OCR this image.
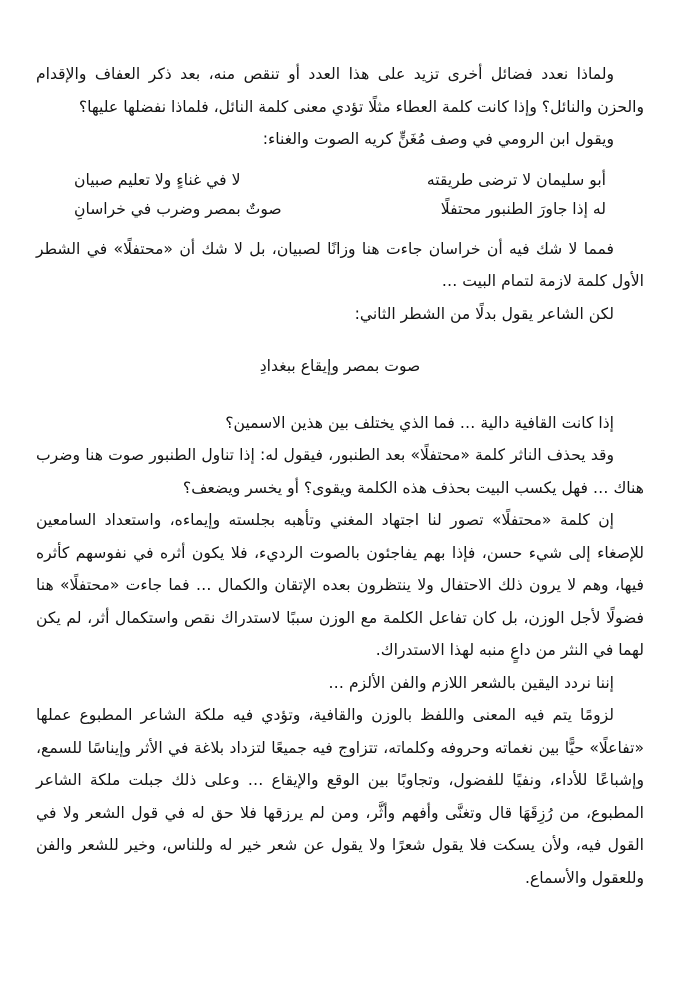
ولماذا نعدد فضائل أخرى تزيد على هذا العدد أو تنقص منه، بعد ذكر العفاف والإقدام والحزن والنائل؟ وإذا كانت كلمة العطاء مثلًا تؤدي معنى كلمة النائل، فلماذا نفضلها عليها؟

ويقول ابن الرومي في وصف مُغَنٍّ كريه الصوت والغناء:

أبو سليمان لا ترضى طريقته
لا في غناءٍ ولا تعليم صبيان
له إذا جاورَ الطنبور محتفلًا
صوتٌ بمصر وضرب في خراسانِ

فمما لا شك فيه أن خراسان جاءت هنا وزانًا لصبيان، بل لا شك أن «محتفلًا» في الشطر الأول كلمة لازمة لتمام البيت …

لكن الشاعر يقول بدلًا من الشطر الثاني:

صوت بمصر وإيقاع ببغدادِ

إذا كانت القافية دالية … فما الذي يختلف بين هذين الاسمين؟

وقد يحذف الناثر كلمة «محتفلًا» بعد الطنبور، فيقول له: إذا تناول الطنبور صوت هنا وضرب هناك … فهل يكسب البيت بحذف هذه الكلمة ويقوى؟ أو يخسر ويضعف؟

إن كلمة «محتفلًا» تصور لنا اجتهاد المغني وتأهبه بجلسته وإيماءه، واستعداد السامعين للإصغاء إلى شيء حسن، فإذا بهم يفاجئون بالصوت الرديء، فلا يكون أثره في نفوسهم كأثره فيها، وهم لا يرون ذلك الاحتفال ولا ينتظرون بعده الإتقان والكمال … فما جاءت «محتفلًا» هنا فضولًا لأجل الوزن، بل كان تفاعل الكلمة مع الوزن سببًا لاستدراك نقص واستكمال أثر، لم يكن لهما في النثر من داعٍ منبه لهذا الاستدراك.

إننا نردد اليقين بالشعر اللازم والفن الألزم …

لزومًا يتم فيه المعنى واللفظ بالوزن والقافية، وتؤدي فيه ملكة الشاعر المطبوع عملها «تفاعلًا» حيًّا بين نغماته وحروفه وكلماته، تتزاوج فيه جميعًا لتزداد بلاغة في الأثر وإيناسًا للسمع، وإشباعًا للأداء، ونفيًا للفضول، وتجاوبًا بين الوقع والإيقاع … وعلى ذلك جبلت ملكة الشاعر المطبوع، من رُزِقَهَا قال وتغنَّى وأفهم وأثَّر، ومن لم يرزقها فلا حق له في قول الشعر ولا في القول فيه، ولأن يسكت فلا يقول شعرًا ولا يقول عن شعر خير له وللناس، وخير للشعر والفن وللعقول والأسماع.
